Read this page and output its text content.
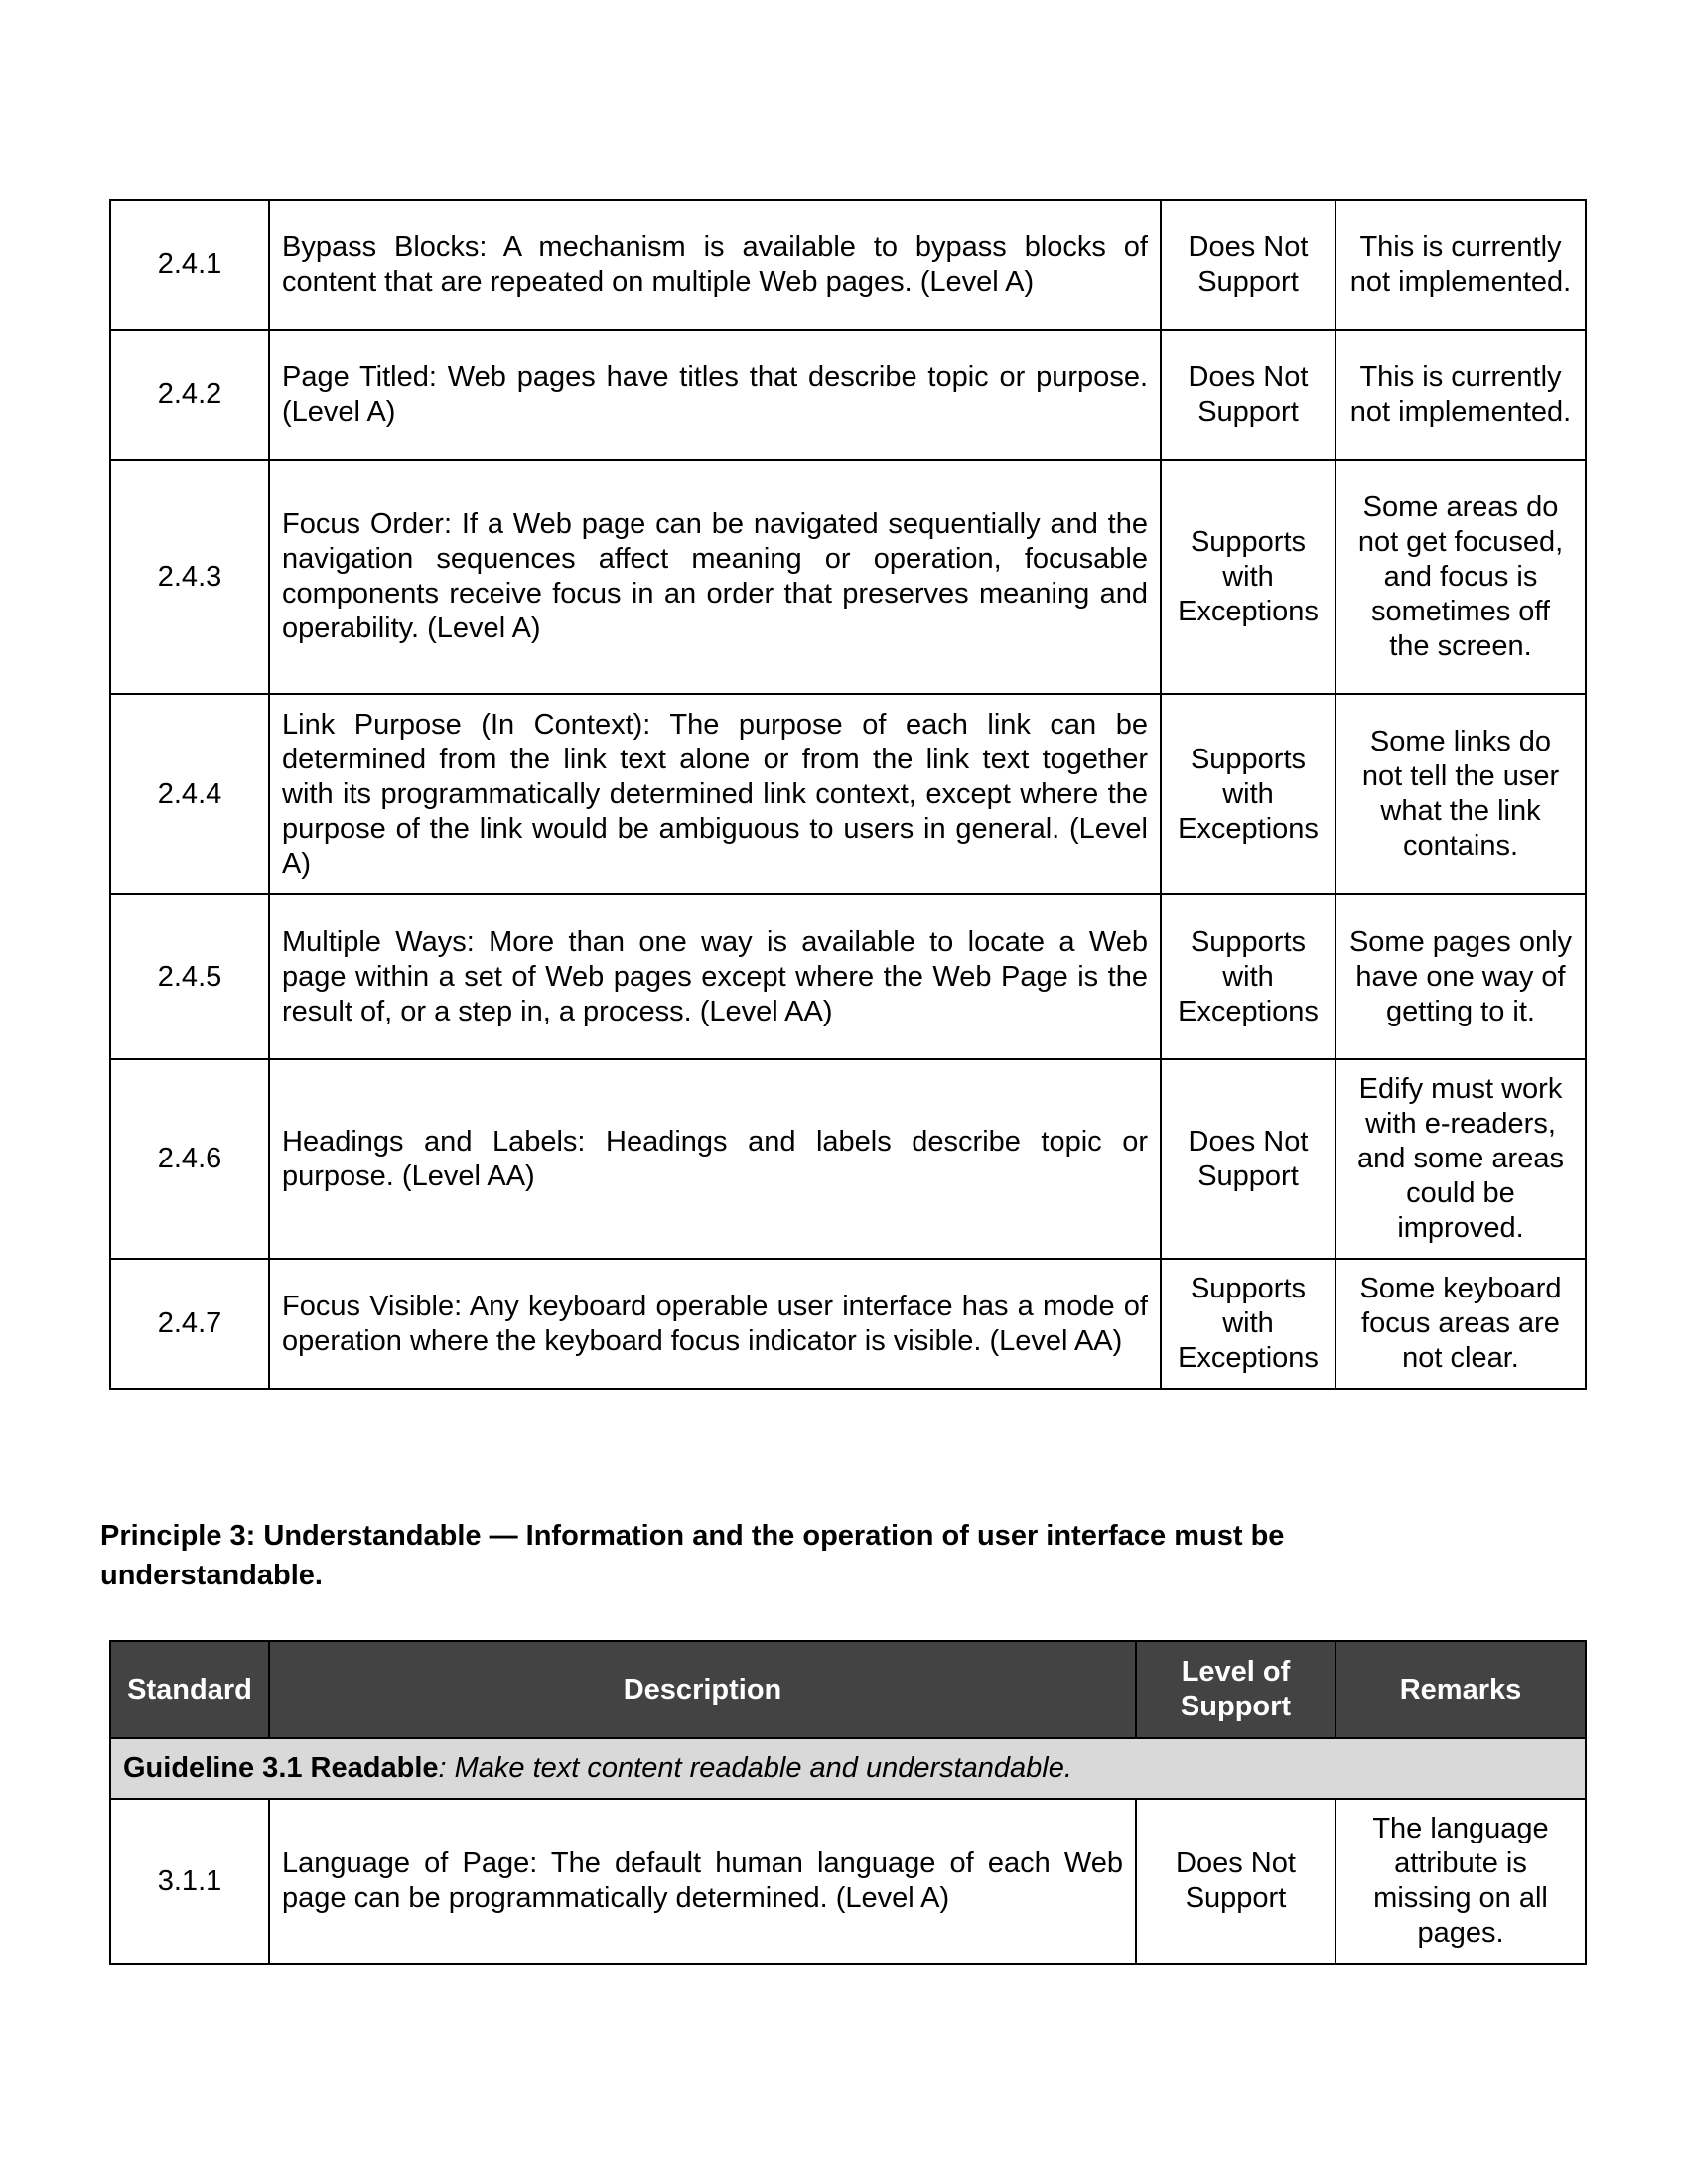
2.4.1	Bypass Blocks: A mechanism is available to bypass blocks of content that are repeated on multiple Web pages. (Level A)	Does Not Support	This is currently not implemented.
2.4.2	Page Titled: Web pages have titles that describe topic or purpose. (Level A)	Does Not Support	This is currently not implemented.
2.4.3	Focus Order: If a Web page can be navigated sequentially and the navigation sequences affect meaning or operation, focusable components receive focus in an order that preserves meaning and operability. (Level A)	Supports with Exceptions	Some areas do not get focused, and focus is sometimes off the screen.
2.4.4	Link Purpose (In Context): The purpose of each link can be determined from the link text alone or from the link text together with its programmatically determined link context, except where the purpose of the link would be ambiguous to users in general. (Level A)	Supports with Exceptions	Some links do not tell the user what the link contains.
2.4.5	Multiple Ways: More than one way is available to locate a Web page within a set of Web pages except where the Web Page is the result of, or a step in, a process. (Level AA)	Supports with Exceptions	Some pages only have one way of getting to it.
2.4.6	Headings and Labels: Headings and labels describe topic or purpose. (Level AA)	Does Not Support	Edify must work with e-readers, and some areas could be improved.
2.4.7	Focus Visible: Any keyboard operable user interface has a mode of operation where the keyboard focus indicator is visible. (Level AA)	Supports with Exceptions	Some keyboard focus areas are not clear.
Principle 3: Understandable — Information and the operation of user interface must be understandable.
Standard	Description	Level of Support	Remarks
Guideline 3.1 Readable: Make text content readable and understandable.			
3.1.1	Language of Page: The default human language of each Web page can be programmatically determined. (Level A)	Does Not Support	The language attribute is missing on all pages.
